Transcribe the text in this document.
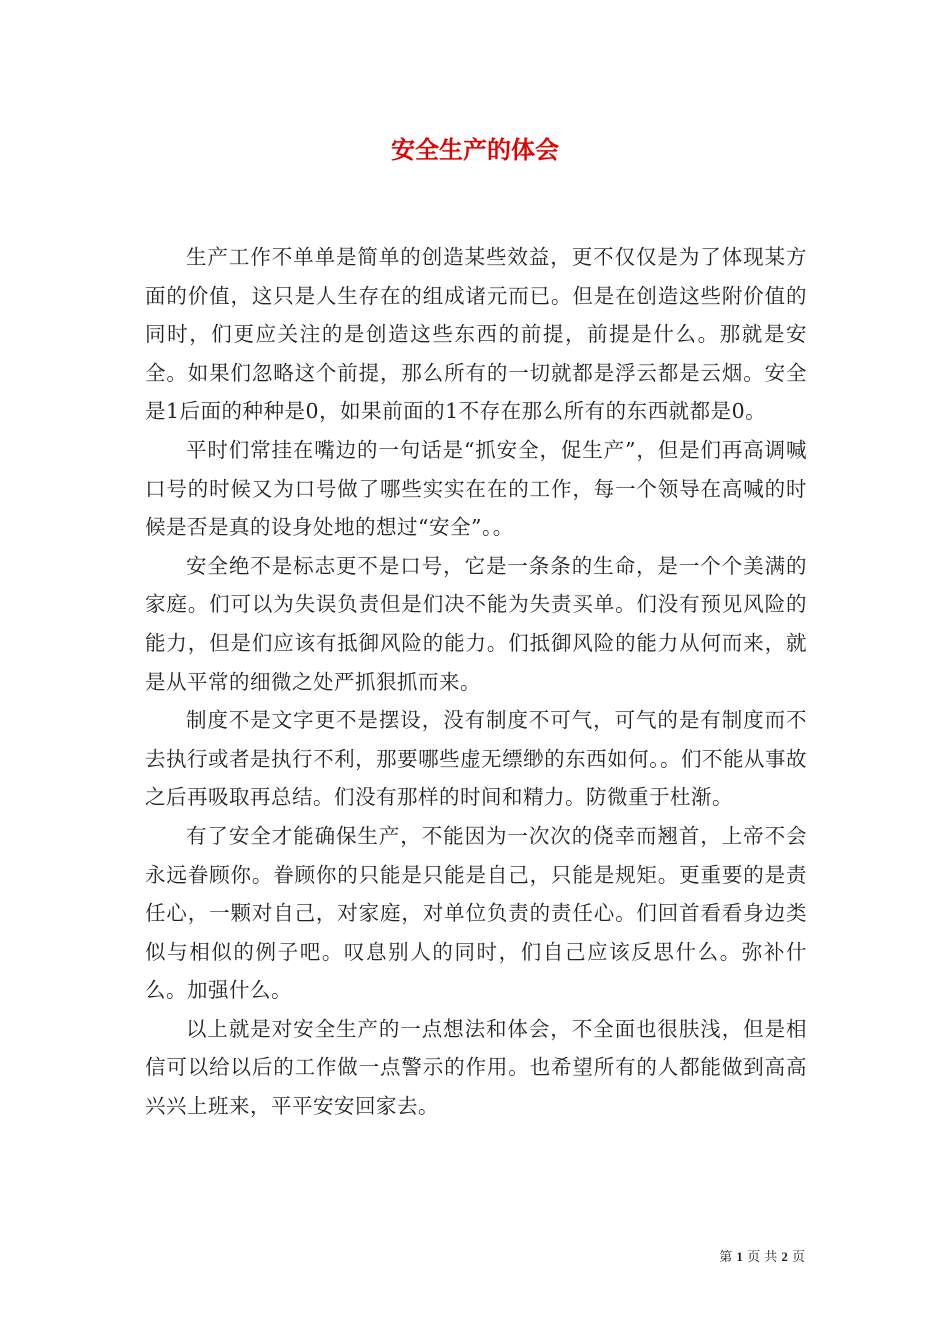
安全生产的体会

生产工作不单单是简单的创造某些效益，更不仅仅是为了体现某方面的价值，这只是人生存在的组成诸元而已。但是在创造这些附价值的同时，们更应关注的是创造这些东西的前提，前提是什么。那就是安全。如果们忽略这个前提，那么所有的一切就都是浮云都是云烟。安全是1后面的种种是0，如果前面的1不存在那么所有的东西就都是0。

平时们常挂在嘴边的一句话是“抓安全，促生产”，但是们再高调喊口号的时候又为口号做了哪些实实在在的工作，每一个领导在高喊的时候是否是真的设身处地的想过“安全”。。

安全绝不是标志更不是口号，它是一条条的生命，是一个个美满的家庭。们可以为失误负责但是们决不能为失责买单。们没有预见风险的能力，但是们应该有抵御风险的能力。们抵御风险的能力从何而来，就是从平常的细微之处严抓狠抓而来。

制度不是文字更不是摆设，没有制度不可气，可气的是有制度而不去执行或者是执行不利，那要哪些虚无缥缈的东西如何。。们不能从事故之后再吸取再总结。们没有那样的时间和精力。防微重于杜渐。

有了安全才能确保生产，不能因为一次次的侥幸而翘首，上帝不会永远眷顾你。眷顾你的只能是只能是自己，只能是规矩。更重要的是责任心，一颗对自己，对家庭，对单位负责的责任心。们回首看看身边类似与相似的例子吧。叹息别人的同时，们自己应该反思什么。弥补什么。加强什么。

以上就是对安全生产的一点想法和体会，不全面也很肤浅，但是相信可以给以后的工作做一点警示的作用。也希望所有的人都能做到高高兴兴上班来，平平安安回家去。

第 1 页 共 2 页
